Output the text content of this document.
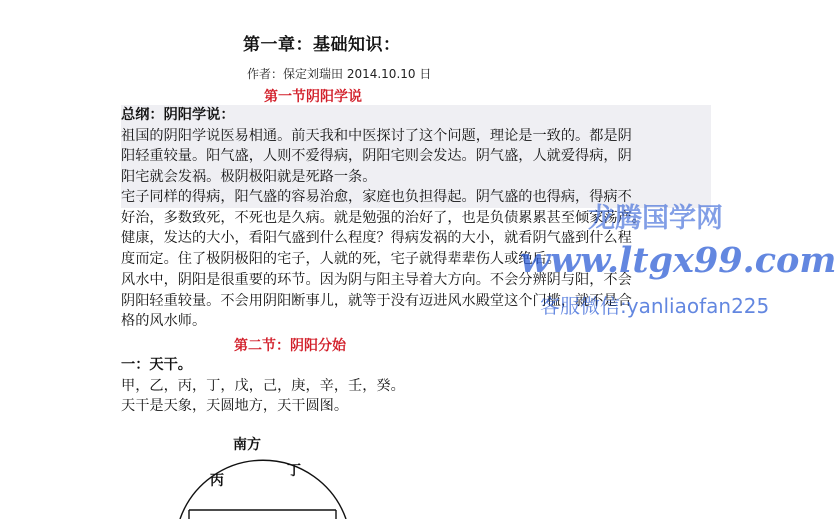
第一章：基础知识：
作者：保定刘瑞田 2014.10.10 日
第一节阴阳学说
总纲：阴阳学说：
祖国的阴阳学说医易相通。前天我和中医探讨了这个问题，理论是一致的。都是阴
阳轻重较量。阳气盛，人则不爱得病，阴阳宅则会发达。阴气盛，人就爱得病，阴
阳宅就会发祸。极阴极阳就是死路一条。
宅子同样的得病，阳气盛的容易治愈，家庭也负担得起。阴气盛的也得病，得病不
好治，多数致死，不死也是久病。就是勉强的治好了，也是负债累累甚至倾家荡产。
健康，发达的大小，看阳气盛到什么程度？得病发祸的大小，就看阴气盛到什么程
度而定。住了极阴极阳的宅子，人就的死，宅子就得辈辈伤人或绝后。
风水中，阴阳是很重要的环节。因为阴与阳主导着大方向。不会分辨阴与阳，不会
阴阳轻重较量。不会用阴阳断事儿，就等于没有迈进风水殿堂这个门槛，就不是合
格的风水师。
第二节：阴阳分始
一：天干。
甲，乙，丙，丁，戊，己，庚，辛，壬，癸。
天干是天象，天圆地方，天干圆图。
龙腾国学网
www.ltgx99.com
客服微信:yanliaofan225
南方
丙
丁
